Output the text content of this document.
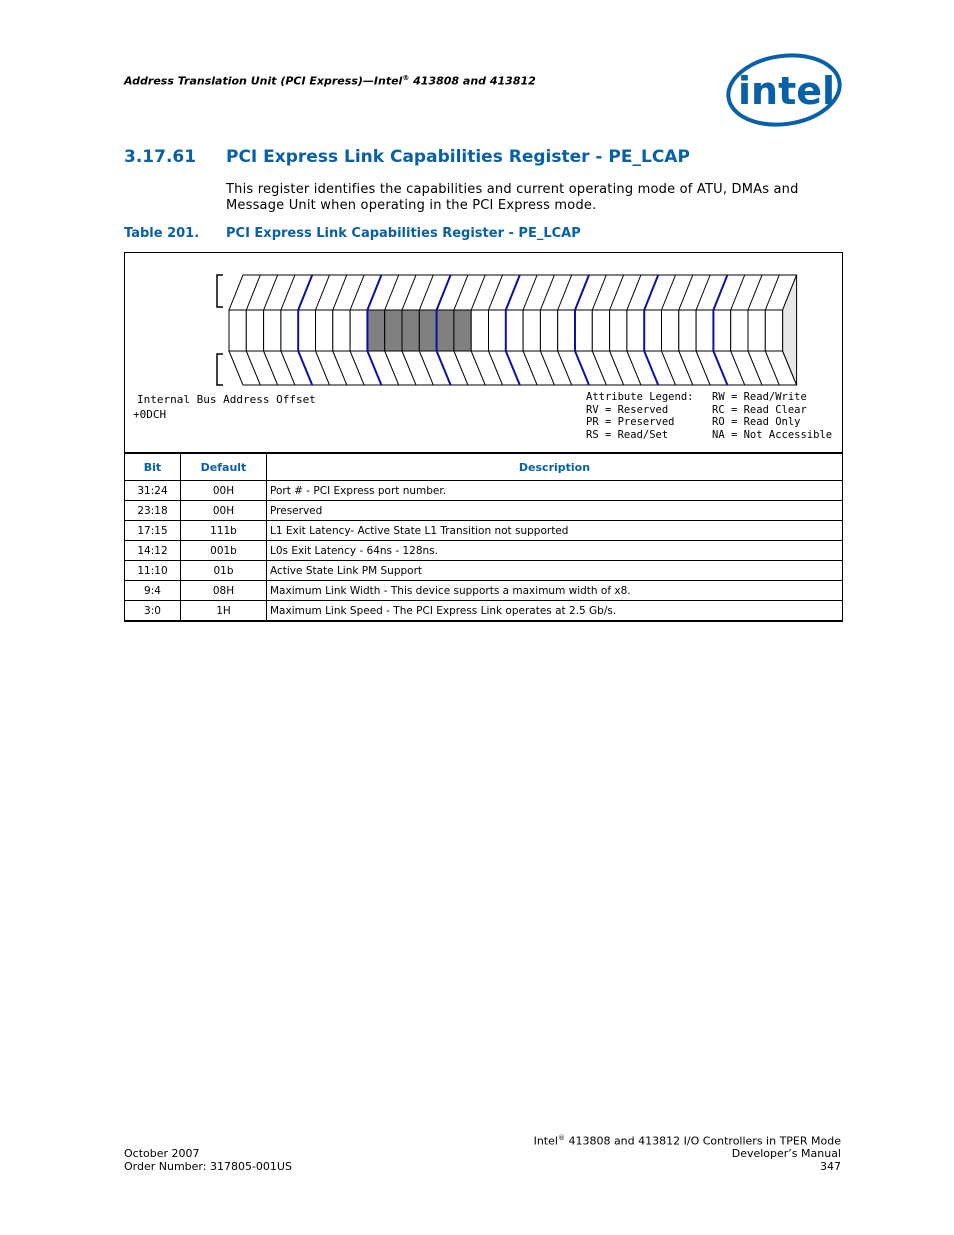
Address Translation Unit (PCI Express)—Intel® 413808 and 413812	intel
3.17.61 PCI Express Link Capabilities Register - PE_LCAP
This register identifies the capabilities and current operating mode of ATU, DMAs and Message Unit when operating in the PCI Express mode.
Table 201. PCI Express Link Capabilities Register - PE_LCAP
Internal Bus Address Offset
+0DCH
Attribute Legend:
RV = Reserved
PR = Preserved
RS = Read/Set
RW = Read/Write
RC = Read Clear
RO = Read Only
NA = Not Accessible
Bit	Default	Description
31:24	00H	Port # - PCI Express port number.
23:18	00H	Preserved
17:15	111b	L1 Exit Latency- Active State L1 Transition not supported
14:12	001b	L0s Exit Latency - 64ns - 128ns.
11:10	01b	Active State Link PM Support
9:4	08H	Maximum Link Width - This device supports a maximum width of x8.
3:0	1H	Maximum Link Speed - The PCI Express Link operates at 2.5 Gb/s.
October 2007
Order Number: 317805-001US
Intel® 413808 and 413812 I/O Controllers in TPER Mode
Developer’s Manual
347
